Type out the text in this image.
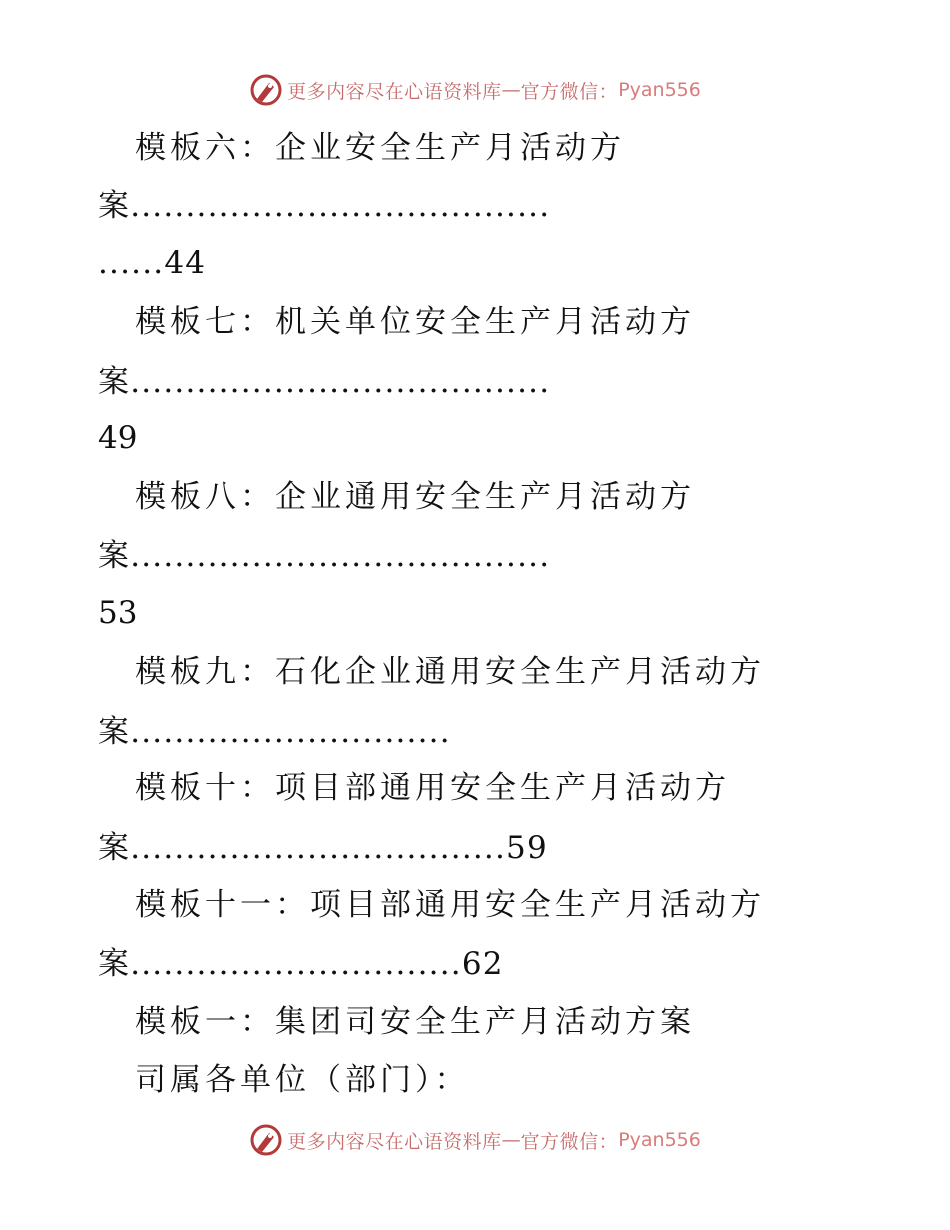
更多内容尽在心语资料库 — 官方微信： Pyan556
模板六：企业安全生产月活动方
案......................................
......44
模板七：机关单位安全生产月活动方
案......................................
49
模板八：企业通用安全生产月活动方
案......................................
53
模板九：石化企业通用安全生产月活动方
案.............................
模板十：项目部通用安全生产月活动方
案..................................59
模板十一：项目部通用安全生产月活动方
案..............................62
模板一：集团司安全生产月活动方案
司属各单位（部门）：
更多内容尽在心语资料库 — 官方微信： Pyan556
